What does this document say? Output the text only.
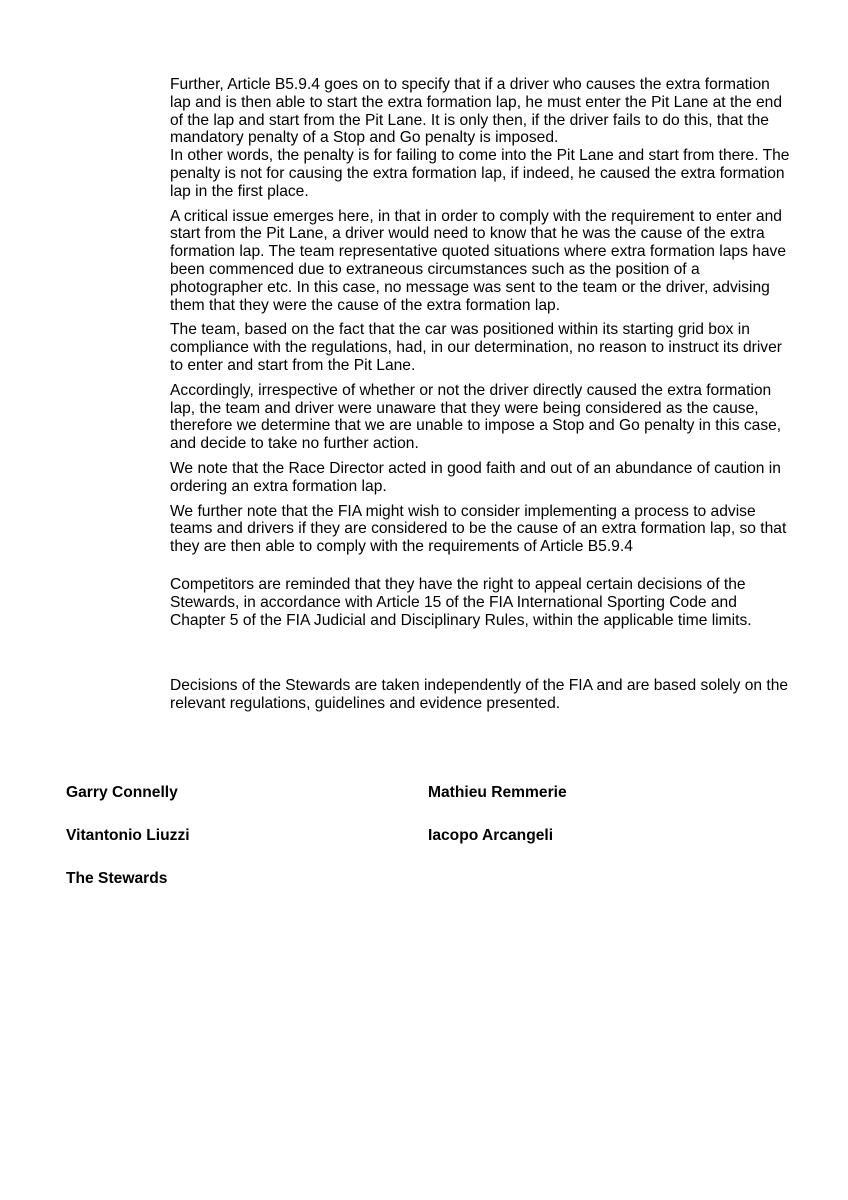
Further, Article B5.9.4 goes on to specify that if a driver who causes the extra formation lap and is then able to start the extra formation lap, he must enter the Pit Lane at the end of the lap and start from the Pit Lane. It is only then, if the driver fails to do this, that the mandatory penalty of a Stop and Go penalty is imposed.

In other words, the penalty is for failing to come into the Pit Lane and start from there. The penalty is not for causing the extra formation lap, if indeed, he caused the extra formation lap in the first place.

A critical issue emerges here, in that in order to comply with the requirement to enter and start from the Pit Lane, a driver would need to know that he was the cause of the extra formation lap. The team representative quoted situations where extra formation laps have been commenced due to extraneous circumstances such as the position of a photographer etc. In this case, no message was sent to the team or the driver, advising them that they were the cause of the extra formation lap.

The team, based on the fact that the car was positioned within its starting grid box in compliance with the regulations, had, in our determination, no reason to instruct its driver to enter and start from the Pit Lane.

Accordingly, irrespective of whether or not the driver directly caused the extra formation lap, the team and driver were unaware that they were being considered as the cause, therefore we determine that we are unable to impose a Stop and Go penalty in this case, and decide to take no further action.

We note that the Race Director acted in good faith and out of an abundance of caution in ordering an extra formation lap.

We further note that the FIA might wish to consider implementing a process to advise teams and drivers if they are considered to be the cause of an extra formation lap, so that they are then able to comply with the requirements of Article B5.9.4

Competitors are reminded that they have the right to appeal certain decisions of the Stewards, in accordance with Article 15 of the FIA International Sporting Code and Chapter 5 of the FIA Judicial and Disciplinary Rules, within the applicable time limits.

Decisions of the Stewards are taken independently of the FIA and are based solely on the relevant regulations, guidelines and evidence presented.

Garry Connelly	Mathieu Remmerie
Vitantonio Liuzzi	Iacopo Arcangeli
The Stewards
